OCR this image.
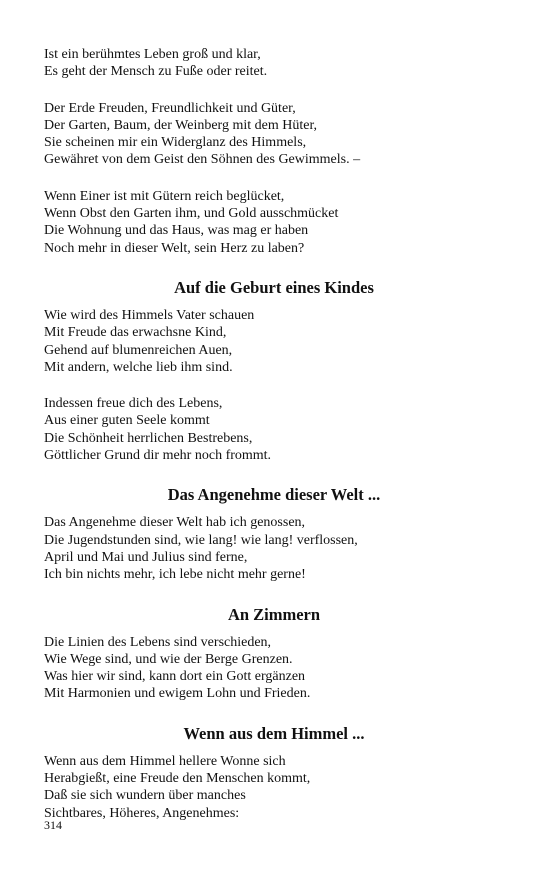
Ist ein berühmtes Leben groß und klar,
Es geht der Mensch zu Fuße oder reitet.
Der Erde Freuden, Freundlichkeit und Güter,
Der Garten, Baum, der Weinberg mit dem Hüter,
Sie scheinen mir ein Widerglanz des Himmels,
Gewähret von dem Geist den Söhnen des Gewimmels. –
Wenn Einer ist mit Gütern reich beglücket,
Wenn Obst den Garten ihm, und Gold ausschmücket
Die Wohnung und das Haus, was mag er haben
Noch mehr in dieser Welt, sein Herz zu laben?
Auf die Geburt eines Kindes
Wie wird des Himmels Vater schauen
Mit Freude das erwachsne Kind,
Gehend auf blumenreichen Auen,
Mit andern, welche lieb ihm sind.
Indessen freue dich des Lebens,
Aus einer guten Seele kommt
Die Schönheit herrlichen Bestrebens,
Göttlicher Grund dir mehr noch frommt.
Das Angenehme dieser Welt ...
Das Angenehme dieser Welt hab ich genossen,
Die Jugendstunden sind, wie lang! wie lang! verflossen,
April und Mai und Julius sind ferne,
Ich bin nichts mehr, ich lebe nicht mehr gerne!
An Zimmern
Die Linien des Lebens sind verschieden,
Wie Wege sind, und wie der Berge Grenzen.
Was hier wir sind, kann dort ein Gott ergänzen
Mit Harmonien und ewigem Lohn und Frieden.
Wenn aus dem Himmel ...
Wenn aus dem Himmel hellere Wonne sich
Herabgießt, eine Freude den Menschen kommt,
Daß sie sich wundern über manches
Sichtbares, Höheres, Angenehmes:
314
